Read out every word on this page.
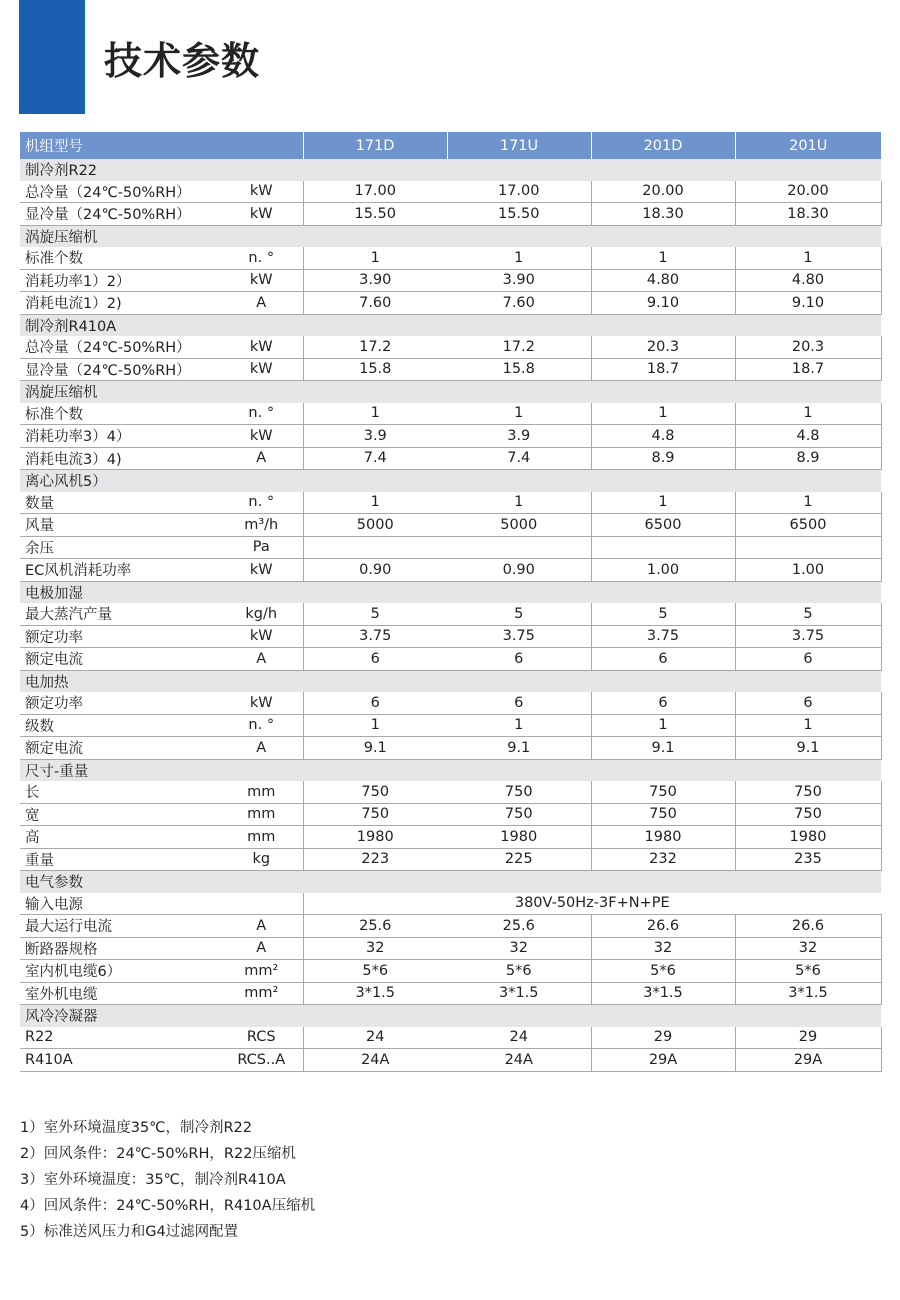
技术参数
机组型号		171D	171U	201D	201U
制冷剂R22					
总冷量（24℃-50%RH）	kW	17.00	17.00	20.00	20.00
显冷量（24℃-50%RH）	kW	15.50	15.50	18.30	18.30
涡旋压缩机					
标准个数	n. °	1	1	1	1
消耗功率1）2）	kW	3.90	3.90	4.80	4.80
消耗电流1）2)	A	7.60	7.60	9.10	9.10
制冷剂R410A					
总冷量（24℃-50%RH）	kW	17.2	17.2	20.3	20.3
显冷量（24℃-50%RH）	kW	15.8	15.8	18.7	18.7
涡旋压缩机					
标准个数	n. °	1	1	1	1
消耗功率3）4）	kW	3.9	3.9	4.8	4.8
消耗电流3）4)	A	7.4	7.4	8.9	8.9
离心风机5）					
数量	n. °	1	1	1	1
风量	m³/h	5000	5000	6500	6500
余压	Pa				
EC风机消耗功率	kW	0.90	0.90	1.00	1.00
电极加湿					
最大蒸汽产量	kg/h	5	5	5	5
额定功率	kW	3.75	3.75	3.75	3.75
额定电流	A	6	6	6	6
电加热					
额定功率	kW	6	6	6	6
级数	n. °	1	1	1	1
额定电流	A	9.1	9.1	9.1	9.1
尺寸-重量					
长	mm	750	750	750	750
宽	mm	750	750	750	750
高	mm	1980	1980	1980	1980
重量	kg	223	225	232	235
电气参数					
输入电源		380V-50Hz-3F+N+PE			
最大运行电流	A	25.6	25.6	26.6	26.6
断路器规格	A	32	32	32	32
室内机电缆6）	mm²	5*6	5*6	5*6	5*6
室外机电缆	mm²	3*1.5	3*1.5	3*1.5	3*1.5
风冷冷凝器					
R22	RCS	24	24	29	29
R410A	RCS..A	24A	24A	29A	29A
1）室外环境温度35℃，制冷剂R22
2）回风条件：24℃-50%RH，R22压缩机
3）室外环境温度：35℃，制冷剂R410A
4）回风条件：24℃-50%RH，R410A压缩机
5）标准送风压力和G4过滤网配置
